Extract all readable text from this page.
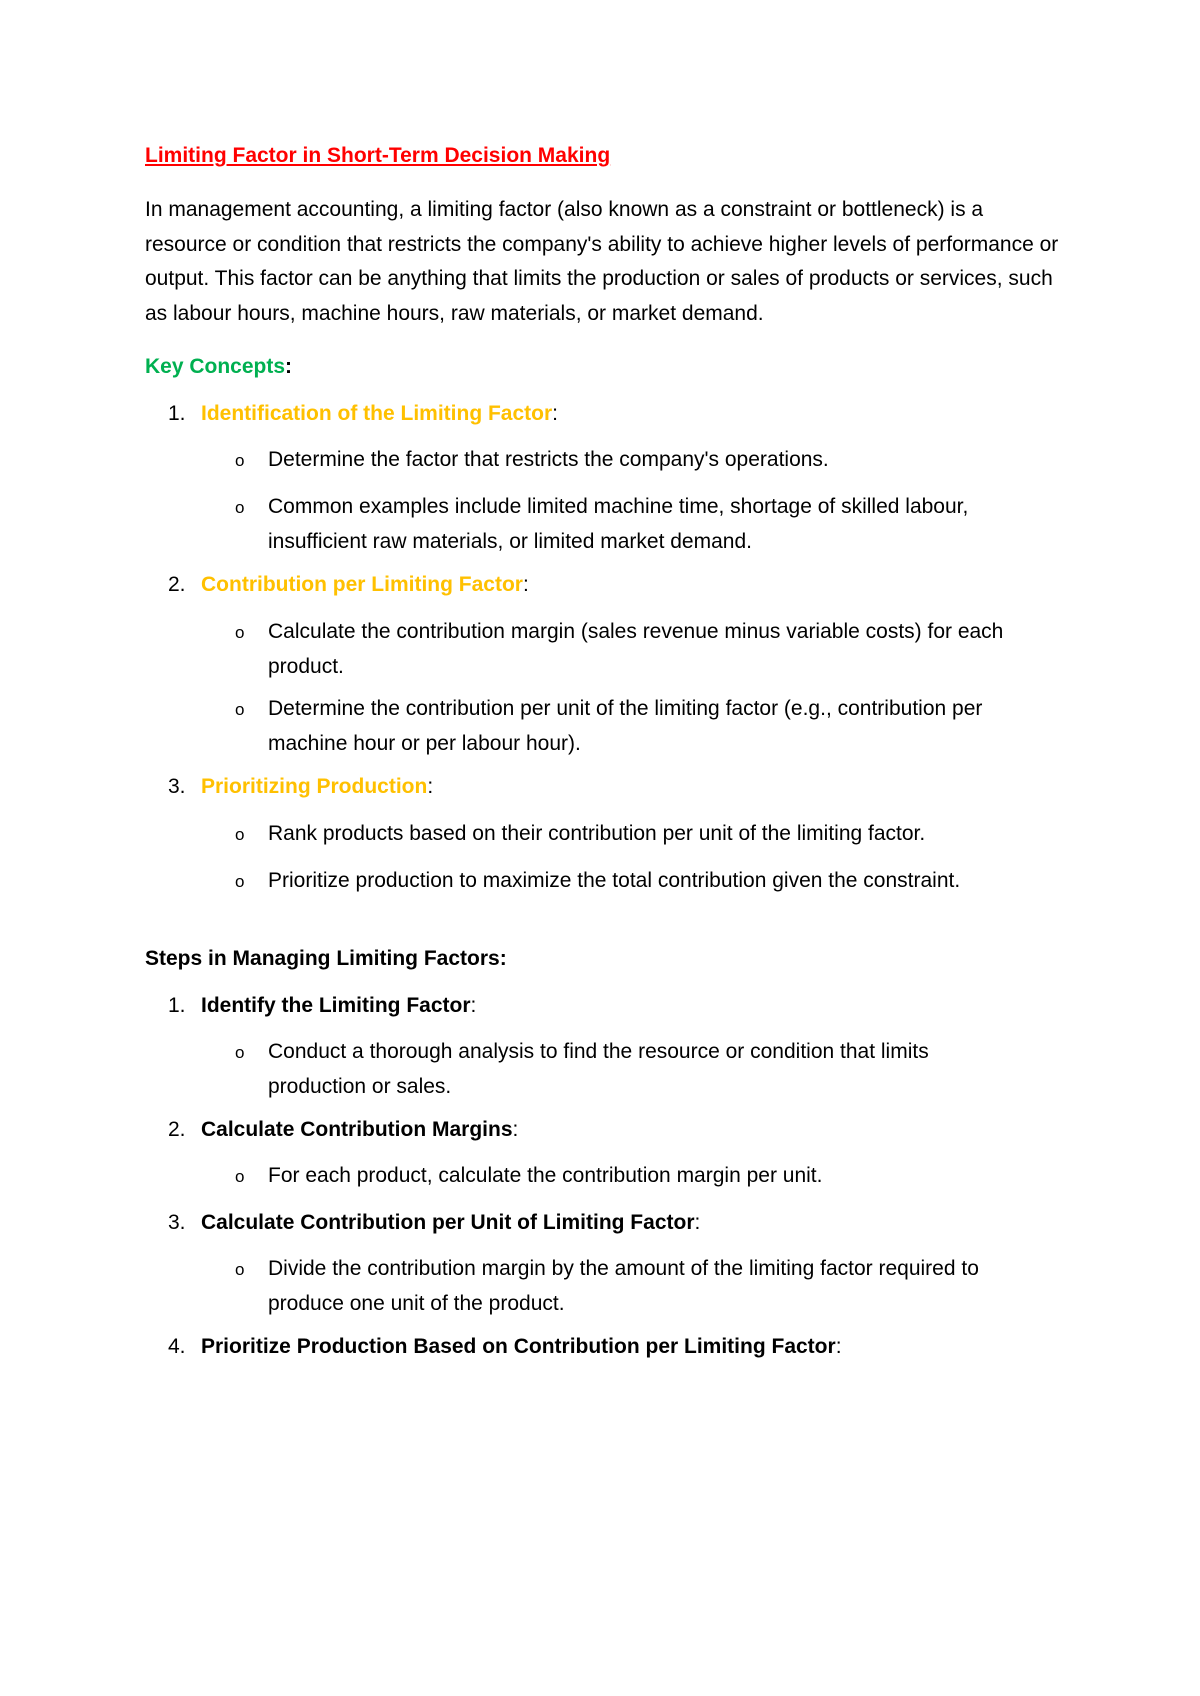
Limiting Factor in Short-Term Decision Making
In management accounting, a limiting factor (also known as a constraint or bottleneck) is a resource or condition that restricts the company's ability to achieve higher levels of performance or output. This factor can be anything that limits the production or sales of products or services, such as labour hours, machine hours, raw materials, or market demand.
Key Concepts:
1. Identification of the Limiting Factor:
o Determine the factor that restricts the company's operations.
o Common examples include limited machine time, shortage of skilled labour, insufficient raw materials, or limited market demand.
2. Contribution per Limiting Factor:
o Calculate the contribution margin (sales revenue minus variable costs) for each product.
o Determine the contribution per unit of the limiting factor (e.g., contribution per machine hour or per labour hour).
3. Prioritizing Production:
o Rank products based on their contribution per unit of the limiting factor.
o Prioritize production to maximize the total contribution given the constraint.
Steps in Managing Limiting Factors:
1. Identify the Limiting Factor:
o Conduct a thorough analysis to find the resource or condition that limits production or sales.
2. Calculate Contribution Margins:
o For each product, calculate the contribution margin per unit.
3. Calculate Contribution per Unit of Limiting Factor:
o Divide the contribution margin by the amount of the limiting factor required to produce one unit of the product.
4. Prioritize Production Based on Contribution per Limiting Factor:
